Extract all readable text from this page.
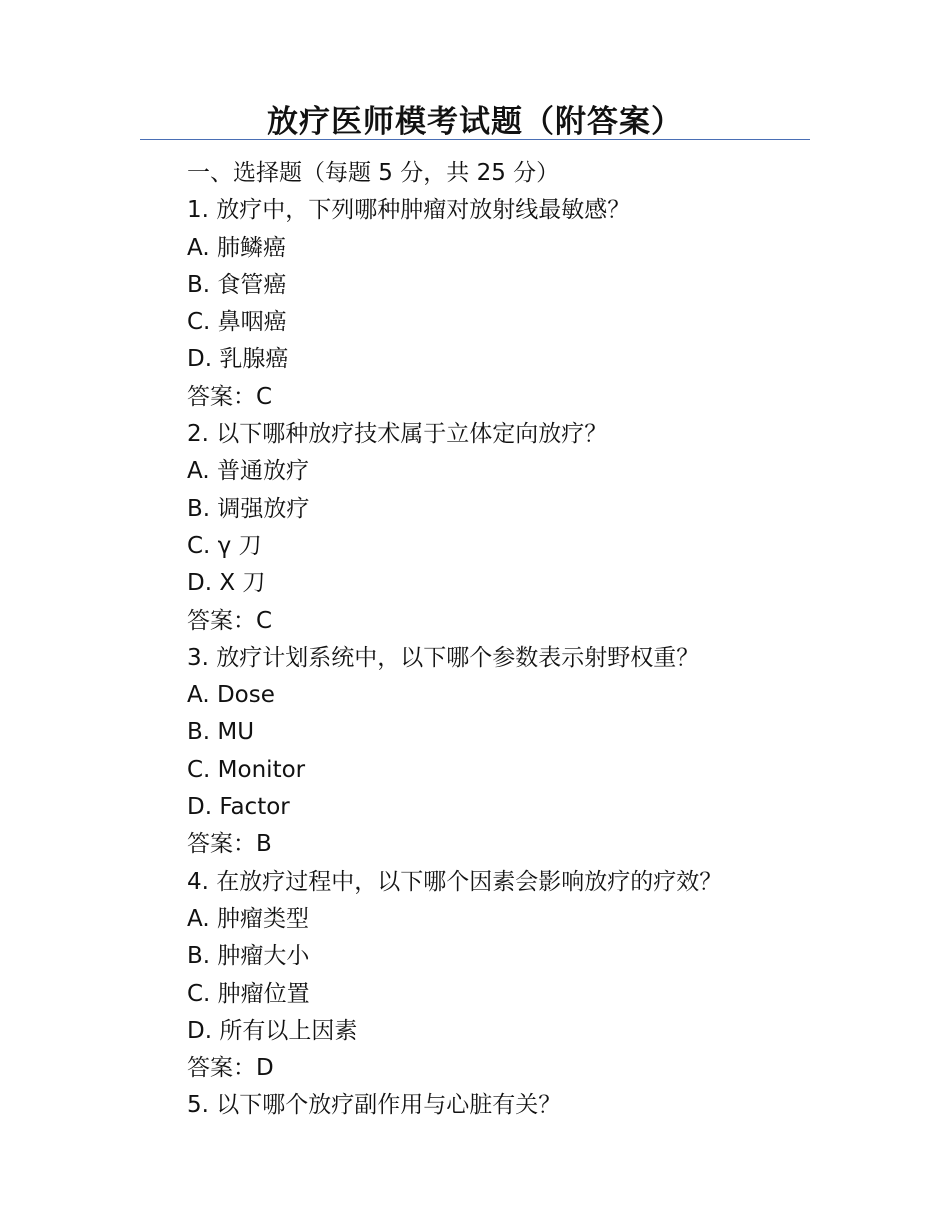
放疗医师模考试题（附答案）
一、选择题（每题 5 分，共 25 分）
1. 放疗中，下列哪种肿瘤对放射线最敏感？
A. 肺鳞癌
B. 食管癌
C. 鼻咽癌
D. 乳腺癌
答案：C
2. 以下哪种放疗技术属于立体定向放疗？
A. 普通放疗
B. 调强放疗
C. γ 刀
D. X 刀
答案：C
3. 放疗计划系统中，以下哪个参数表示射野权重？
A. Dose
B. MU
C. Monitor
D. Factor
答案：B
4. 在放疗过程中，以下哪个因素会影响放疗的疗效？
A. 肿瘤类型
B. 肿瘤大小
C. 肿瘤位置
D. 所有以上因素
答案：D
5. 以下哪个放疗副作用与心脏有关？
